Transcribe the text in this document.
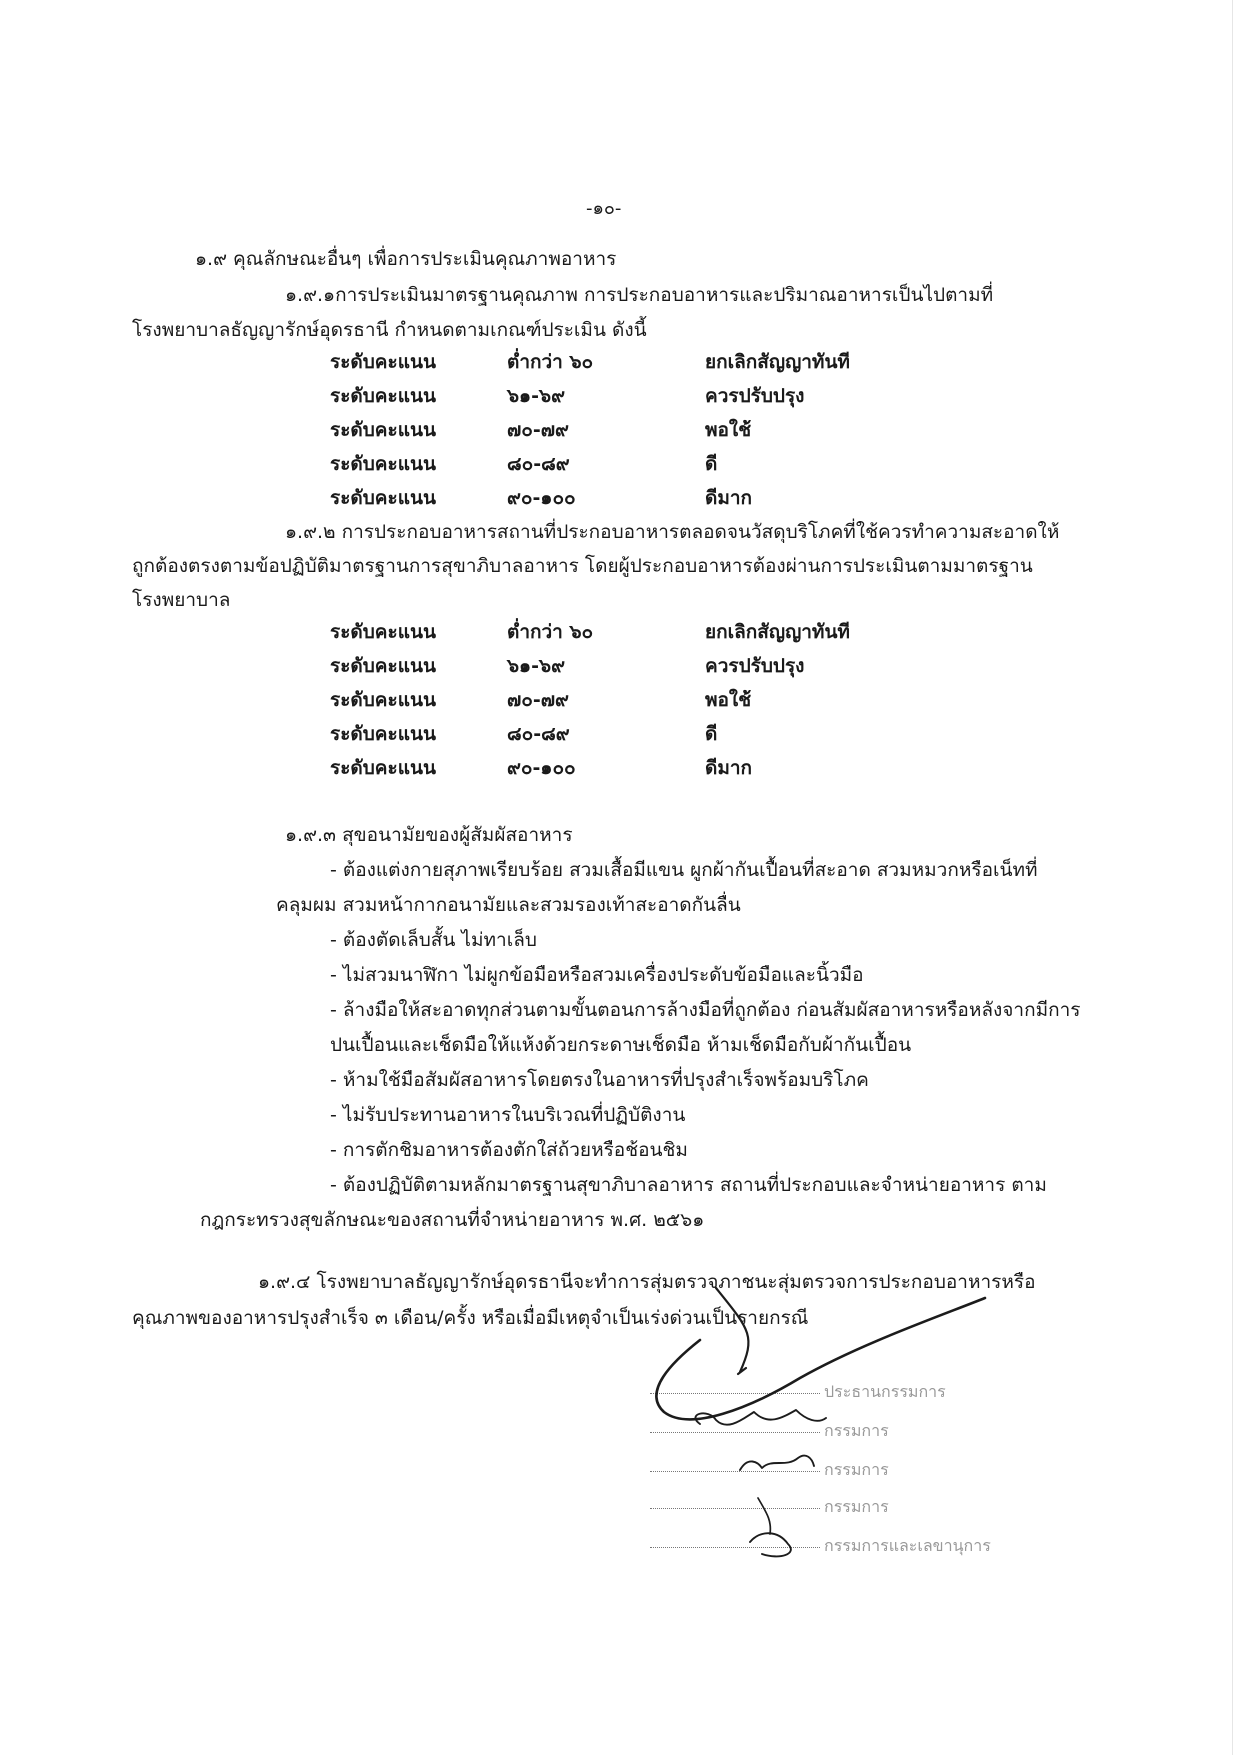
-๑๐-
๑.๙ คุณลักษณะอื่นๆ เพื่อการประเมินคุณภาพอาหาร
๑.๙.๑การประเมินมาตรฐานคุณภาพ การประกอบอาหารและปริมาณอาหารเป็นไปตามที่
โรงพยาบาลธัญญารักษ์อุดรธานี กำหนดตามเกณฑ์ประเมิน ดังนี้
ระดับคะแนน	ต่ำกว่า ๖๐	ยกเลิกสัญญาทันที
ระดับคะแนน	๖๑-๖๙	ควรปรับปรุง
ระดับคะแนน	๗๐-๗๙	พอใช้
ระดับคะแนน	๘๐-๘๙	ดี
ระดับคะแนน	๙๐-๑๐๐	ดีมาก
๑.๙.๒ การประกอบอาหารสถานที่ประกอบอาหารตลอดจนวัสดุบริโภคที่ใช้ควรทำความสะอาดให้
ถูกต้องตรงตามข้อปฏิบัติมาตรฐานการสุขาภิบาลอาหาร โดยผู้ประกอบอาหารต้องผ่านการประเมินตามมาตรฐาน
โรงพยาบาล
ระดับคะแนน	ต่ำกว่า ๖๐	ยกเลิกสัญญาทันที
ระดับคะแนน	๖๑-๖๙	ควรปรับปรุง
ระดับคะแนน	๗๐-๗๙	พอใช้
ระดับคะแนน	๘๐-๘๙	ดี
ระดับคะแนน	๙๐-๑๐๐	ดีมาก
๑.๙.๓ สุขอนามัยของผู้สัมผัสอาหาร
- ต้องแต่งกายสุภาพเรียบร้อย สวมเสื้อมีแขน ผูกผ้ากันเปื้อนที่สะอาด สวมหมวกหรือเน็ทที่
คลุมผม สวมหน้ากากอนามัยและสวมรองเท้าสะอาดกันลื่น
- ต้องตัดเล็บสั้น ไม่ทาเล็บ
- ไม่สวมนาฬิกา ไม่ผูกข้อมือหรือสวมเครื่องประดับข้อมือและนิ้วมือ
- ล้างมือให้สะอาดทุกส่วนตามขั้นตอนการล้างมือที่ถูกต้อง ก่อนสัมผัสอาหารหรือหลังจากมีการ
ปนเปื้อนและเช็ดมือให้แห้งด้วยกระดาษเช็ดมือ ห้ามเช็ดมือกับผ้ากันเปื้อน
- ห้ามใช้มือสัมผัสอาหารโดยตรงในอาหารที่ปรุงสำเร็จพร้อมบริโภค
- ไม่รับประทานอาหารในบริเวณที่ปฏิบัติงาน
- การตักชิมอาหารต้องตักใส่ถ้วยหรือช้อนชิม
- ต้องปฏิบัติตามหลักมาตรฐานสุขาภิบาลอาหาร สถานที่ประกอบและจำหน่ายอาหาร ตาม
กฎกระทรวงสุขลักษณะของสถานที่จำหน่ายอาหาร พ.ศ. ๒๕๖๑
๑.๙.๔ โรงพยาบาลธัญญารักษ์อุดรธานีจะทำการสุ่มตรวจภาชนะสุ่มตรวจการประกอบอาหารหรือ
คุณภาพของอาหารปรุงสำเร็จ ๓ เดือน/ครั้ง หรือเมื่อมีเหตุจำเป็นเร่งด่วนเป็นรายกรณี
ประธานกรรมการ
กรรมการ
กรรมการ
กรรมการ
กรรมการและเลขานุการ
